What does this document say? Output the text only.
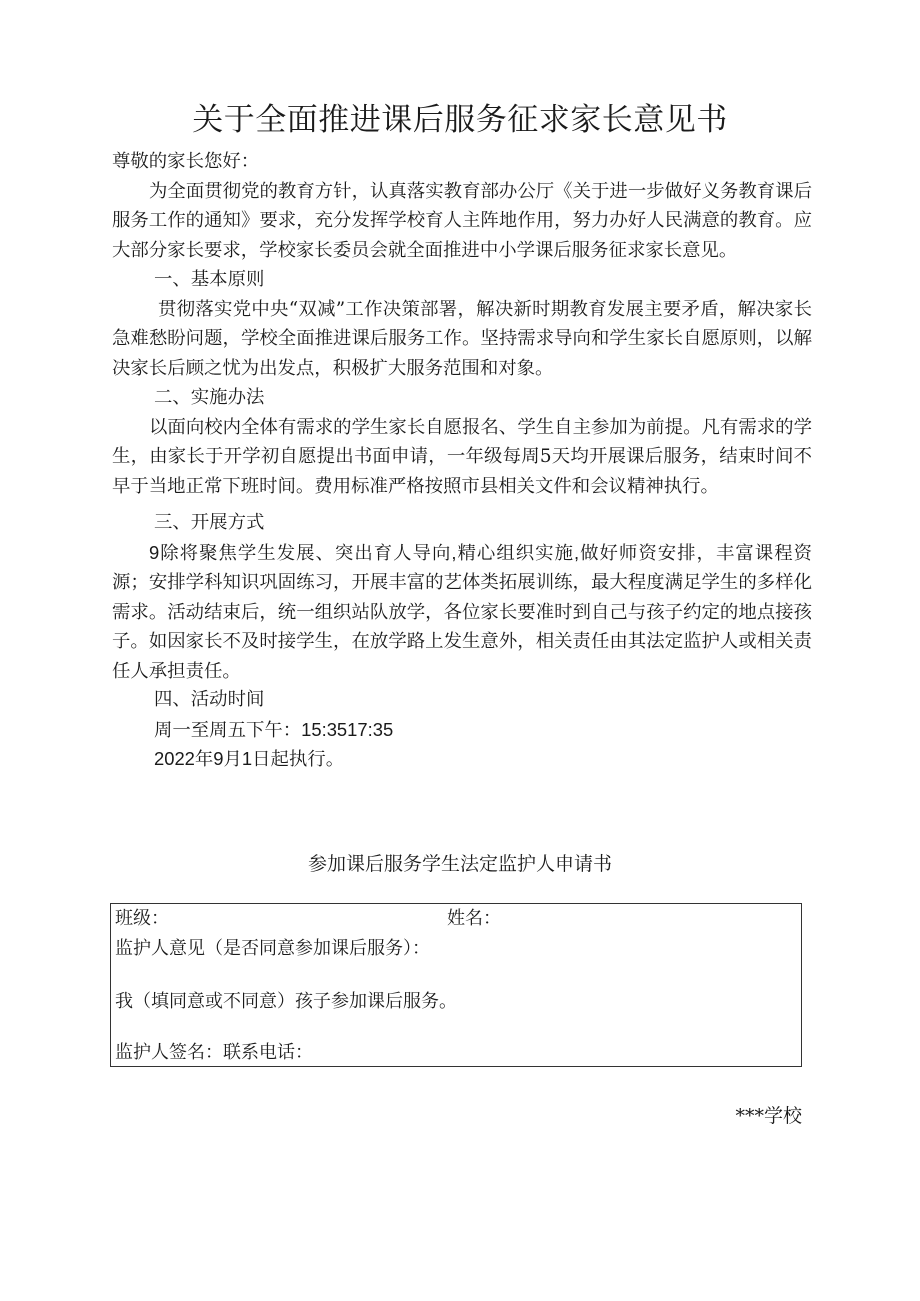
关于全面推进课后服务征求家长意见书

尊敬的家长您好：

为全面贯彻党的教育方针，认真落实教育部办公厅《关于进一步做好义务教育课后服务工作的通知》要求，充分发挥学校育人主阵地作用，努力办好人民满意的教育。应大部分家长要求，学校家长委员会就全面推进中小学课后服务征求家长意见。

一、基本原则

贯彻落实党中央“双减”工作决策部署，解决新时期教育发展主要矛盾，解决家长急难愁盼问题，学校全面推进课后服务工作。坚持需求导向和学生家长自愿原则，以解决家长后顾之忧为出发点，积极扩大服务范围和对象。

二、实施办法

以面向校内全体有需求的学生家长自愿报名、学生自主参加为前提。凡有需求的学生，由家长于开学初自愿提出书面申请，一年级每周5天均开展课后服务，结束时间不早于当地正常下班时间。费用标准严格按照市县相关文件和会议精神执行。

三、开展方式

9除将聚焦学生发展、突出育人导向,精心组织实施,做好师资安排，丰富课程资源；安排学科知识巩固练习，开展丰富的艺体类拓展训练，最大程度满足学生的多样化需求。活动结束后，统一组织站队放学，各位家长要准时到自己与孩子约定的地点接孩子。如因家长不及时接学生，在放学路上发生意外，相关责任由其法定监护人或相关责任人承担责任。

四、活动时间

周一至周五下午：15:3517:35

2022年9月1日起执行。

参加课后服务学生法定监护人申请书
班级：	姓名：
监护人意见（是否同意参加课后服务）：
我（填同意或不同意）孩子参加课后服务。
监护人签名：联系电话：
***学校
